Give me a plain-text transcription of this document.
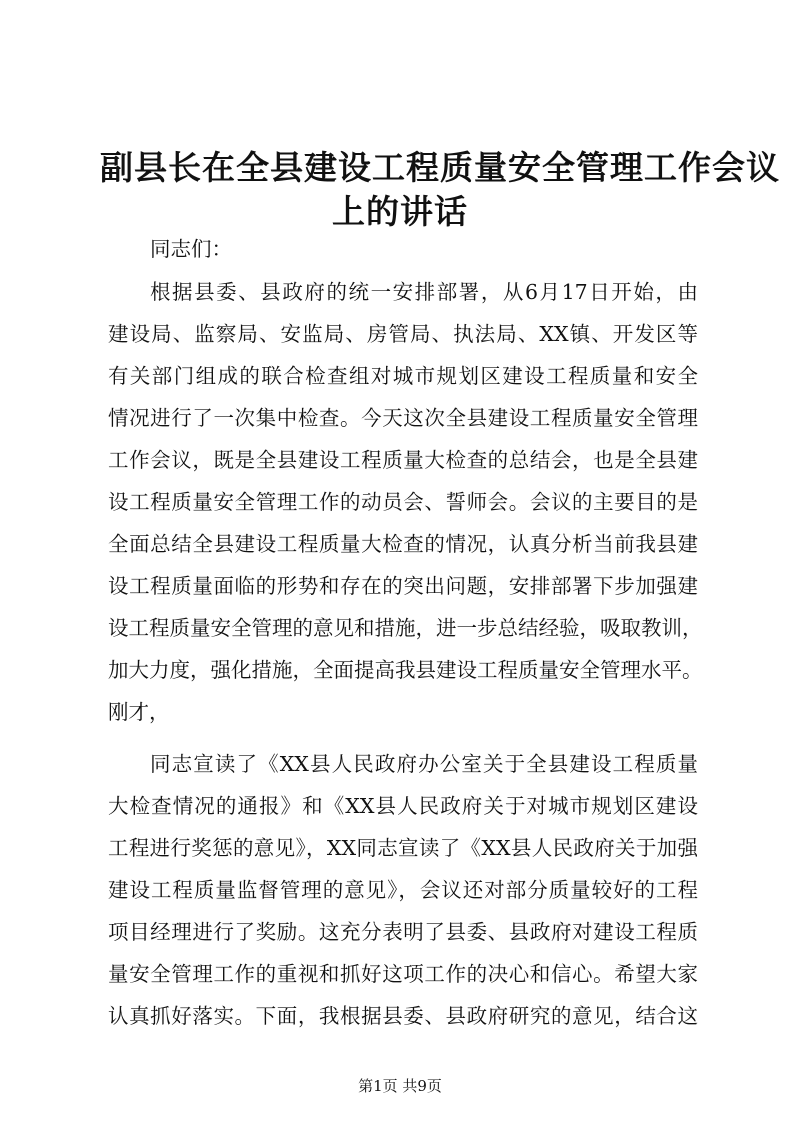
副县长在全县建设工程质量安全管理工作会议
上的讲话
同志们：
根据县委、县政府的统一安排部署，从6月17日开始，由
建设局、监察局、安监局、房管局、执法局、XX镇、开发区等
有关部门组成的联合检查组对城市规划区建设工程质量和安全
情况进行了一次集中检查。今天这次全县建设工程质量安全管理
工作会议，既是全县建设工程质量大检查的总结会，也是全县建
设工程质量安全管理工作的动员会、誓师会。会议的主要目的是
全面总结全县建设工程质量大检查的情况，认真分析当前我县建
设工程质量面临的形势和存在的突出问题，安排部署下步加强建
设工程质量安全管理的意见和措施，进一步总结经验，吸取教训，
加大力度，强化措施，全面提高我县建设工程质量安全管理水平。
刚才，
同志宣读了《XX县人民政府办公室关于全县建设工程质量
大检查情况的通报》和《XX县人民政府关于对城市规划区建设
工程进行奖惩的意见》，XX同志宣读了《XX县人民政府关于加强
建设工程质量监督管理的意见》，会议还对部分质量较好的工程
项目经理进行了奖励。这充分表明了县委、县政府对建设工程质
量安全管理工作的重视和抓好这项工作的决心和信心。希望大家
认真抓好落实。下面，我根据县委、县政府研究的意见，结合这
第1页 共9页
